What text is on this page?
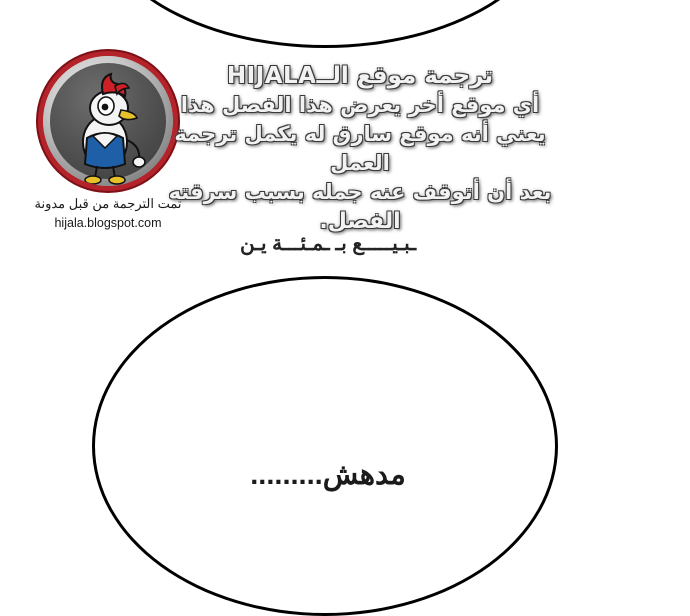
ـبـيـــــع بـ ـمـئـــة يـن
مدهش.........
تمت الترجمة من قبل مدونة
hijala.blogspot.com
ترجمة موقع الــHIJALA
أي موقع أخر يعرض هذا الفصل هذا
يعني أنه موقع سارق له يكمل ترجمة العمل
بعد أن أتوقف عنه جمله بسبب سرقته
الفصل.
